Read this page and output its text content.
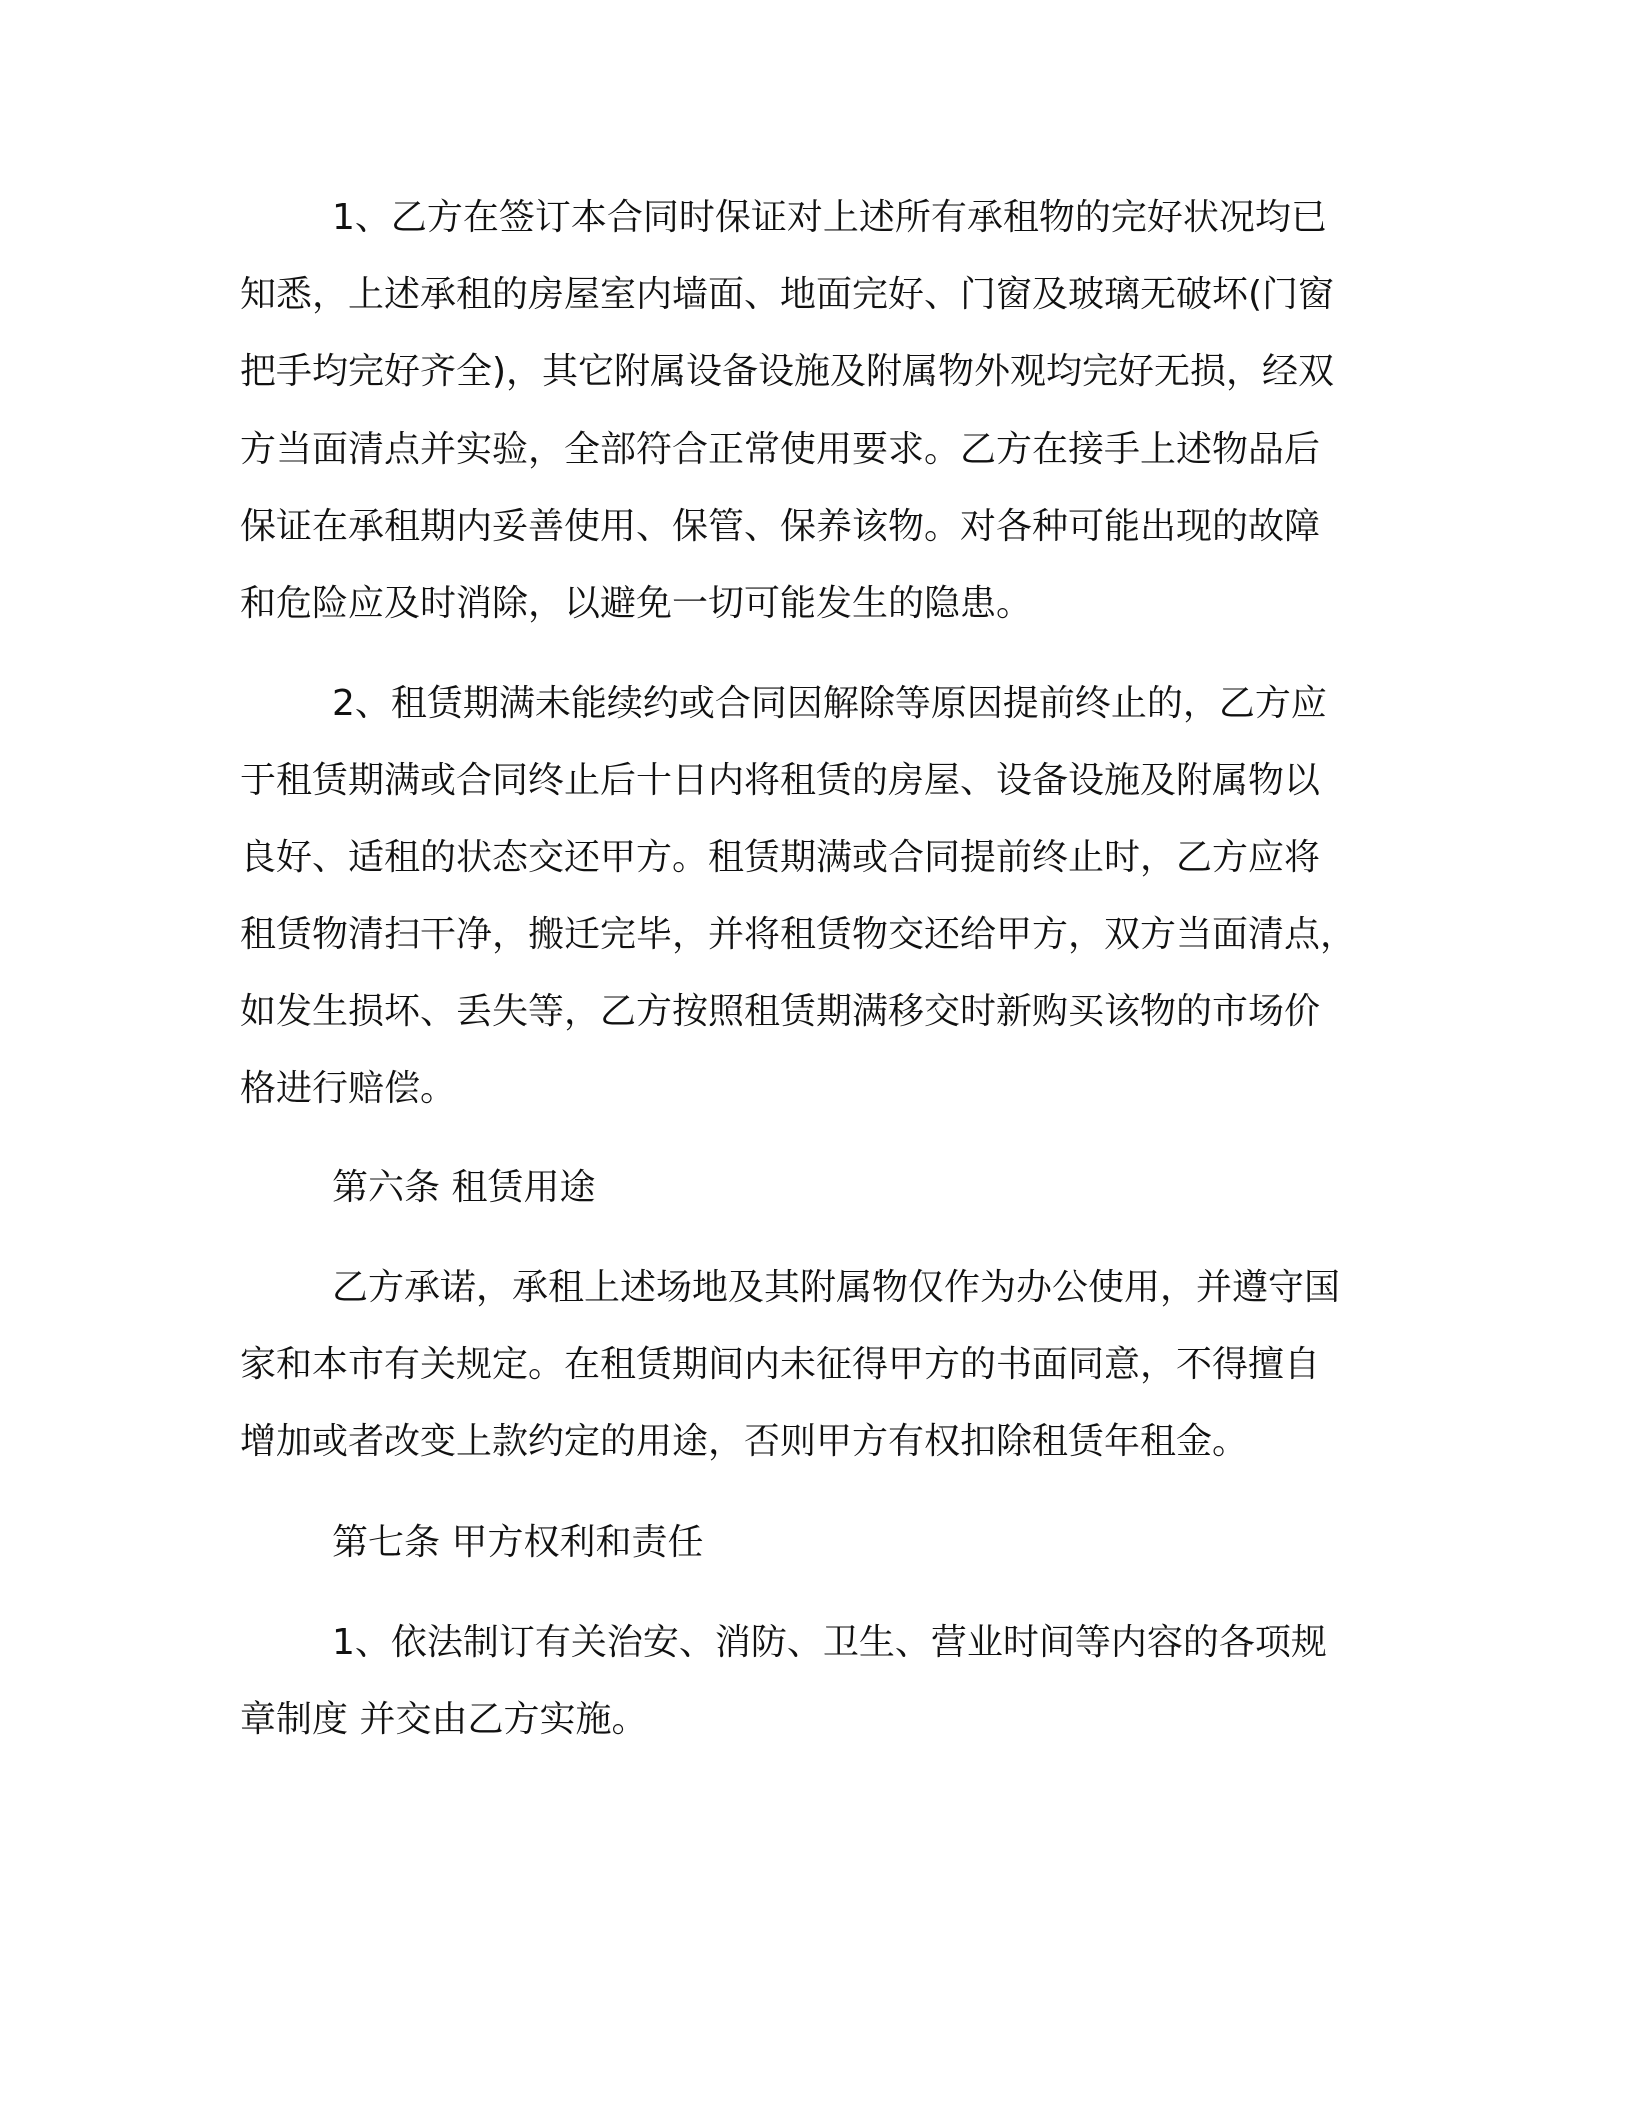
1、乙方在签订本合同时保证对上述所有承租物的完好状况均已
知悉，上述承租的房屋室内墙面、地面完好、门窗及玻璃无破坏(门窗
把手均完好齐全)，其它附属设备设施及附属物外观均完好无损，经双
方当面清点并实验，全部符合正常使用要求。乙方在接手上述物品后
保证在承租期内妥善使用、保管、保养该物。对各种可能出现的故障
和危险应及时消除，以避免一切可能发生的隐患。
2、租赁期满未能续约或合同因解除等原因提前终止的，乙方应
于租赁期满或合同终止后十日内将租赁的房屋、设备设施及附属物以
良好、适租的状态交还甲方。租赁期满或合同提前终止时，乙方应将
租赁物清扫干净，搬迁完毕，并将租赁物交还给甲方，双方当面清点，
如发生损坏、丢失等，乙方按照租赁期满移交时新购买该物的市场价
格进行赔偿。
第六条 租赁用途
乙方承诺，承租上述场地及其附属物仅作为办公使用，并遵守国
家和本市有关规定。在租赁期间内未征得甲方的书面同意，不得擅自
增加或者改变上款约定的用途，否则甲方有权扣除租赁年租金。
第七条 甲方权利和责任
1、依法制订有关治安、消防、卫生、营业时间等内容的各项规
章制度 并交由乙方实施。
